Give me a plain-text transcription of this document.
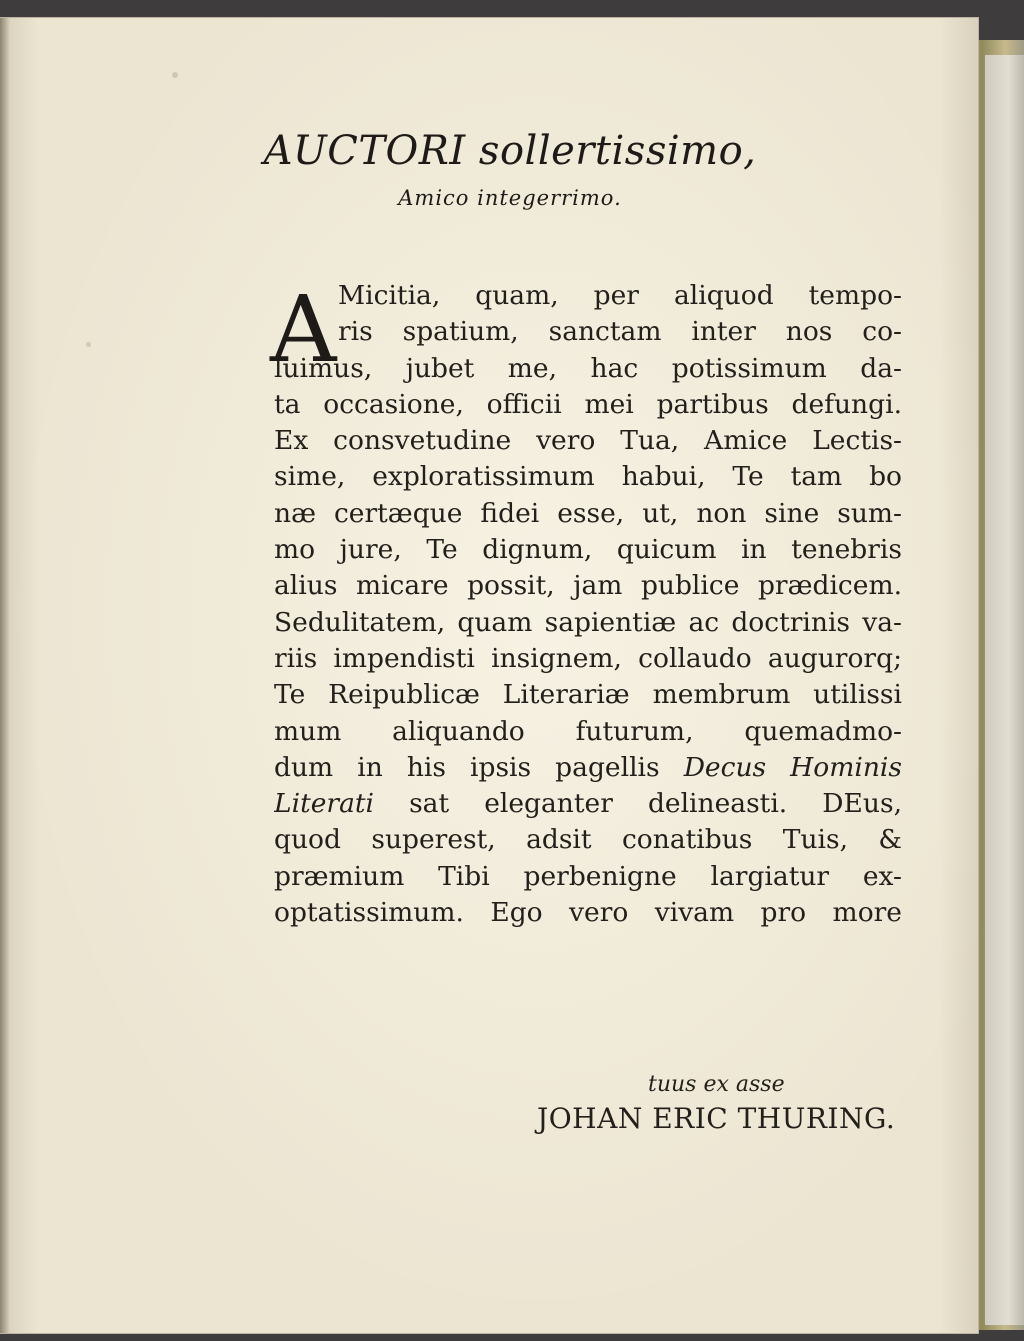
AUCTORI sollertissimo,
Amico integerrimo.
A Micitia, quam, per aliquod tempo-
ris spatium, sanctam inter nos co-
luimus, jubet me, hac potissimum da-
ta occasione, officii mei partibus defungi.
Ex consvetudine vero Tua, Amice Lectis-
sime, exploratissimum habui, Te tam bo
næ certæque fidei esse, ut, non sine sum-
mo jure, Te dignum, quicum in tenebris
alius micare possit, jam publice prædicem.
Sedulitatem, quam sapientiæ ac doctrinis va-
riis impendisti insignem, collaudo augurorq;
Te Reipublicæ Literariæ membrum utilissi
mum aliquando futurum, quemadmo-
dum in his ipsis pagellis Decus Hominis
Literati sat eleganter delineasti. DEus,
quod superest, adsit conatibus Tuis, &
præmium Tibi perbenigne largiatur ex-
optatissimum. Ego vero vivam pro more
tuus ex asse
JOHAN ERIC THURING.
